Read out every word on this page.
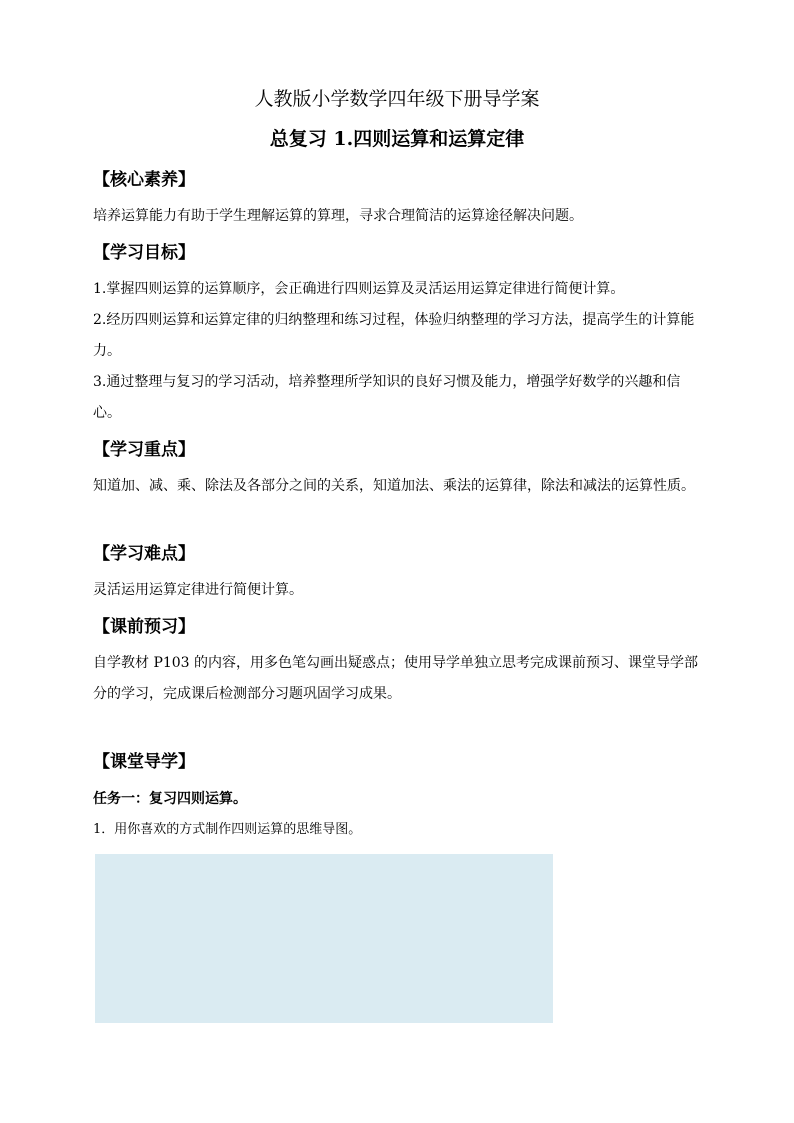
人教版小学数学四年级下册导学案
总复习 1.四则运算和运算定律
【核心素养】
培养运算能力有助于学生理解运算的算理，寻求合理简洁的运算途径解决问题。
【学习目标】
1.掌握四则运算的运算顺序，会正确进行四则运算及灵活运用运算定律进行简便计算。
2.经历四则运算和运算定律的归纳整理和练习过程，体验归纳整理的学习方法，提高学生的计算能力。
3.通过整理与复习的学习活动，培养整理所学知识的良好习惯及能力，增强学好数学的兴趣和信心。
【学习重点】
知道加、减、乘、除法及各部分之间的关系，知道加法、乘法的运算律，除法和减法的运算性质。
【学习难点】
灵活运用运算定律进行简便计算。
【课前预习】
自学教材 P103 的内容，用多色笔勾画出疑惑点；使用导学单独立思考完成课前预习、课堂导学部分的学习，完成课后检测部分习题巩固学习成果。
【课堂导学】
任务一：复习四则运算。
1．用你喜欢的方式制作四则运算的思维导图。
